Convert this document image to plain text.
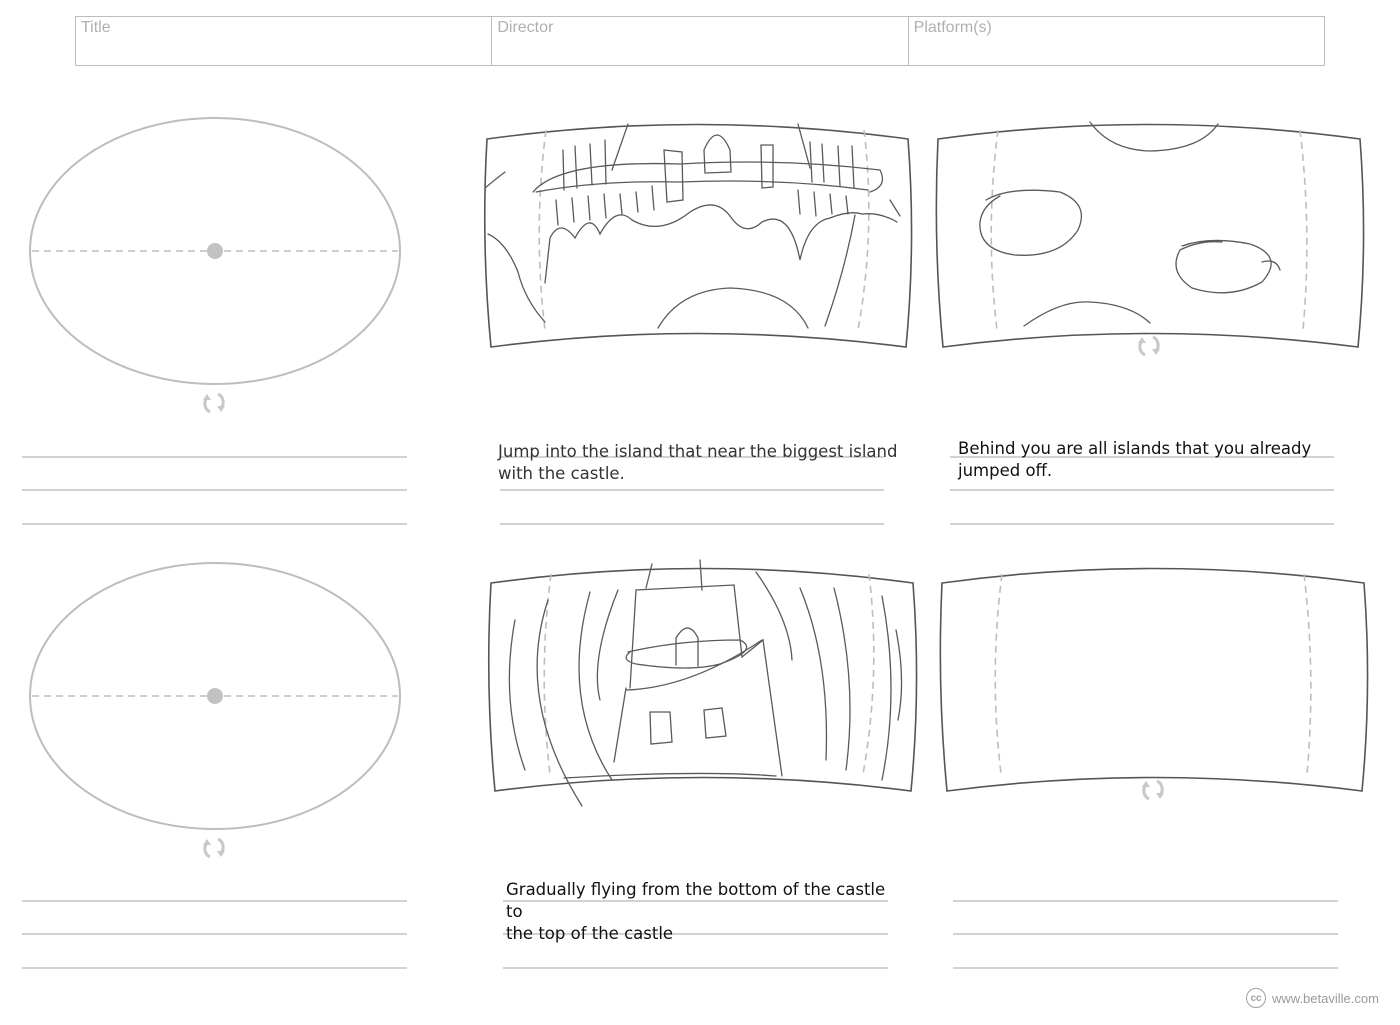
Title	Director	Platform(s)
Jump into the island that near the biggest island
with the castle.
Behind you are all islands that you already
jumped off.
Gradually flying from the bottom of the castle to
the top of the castle
cc www.betaville.com
